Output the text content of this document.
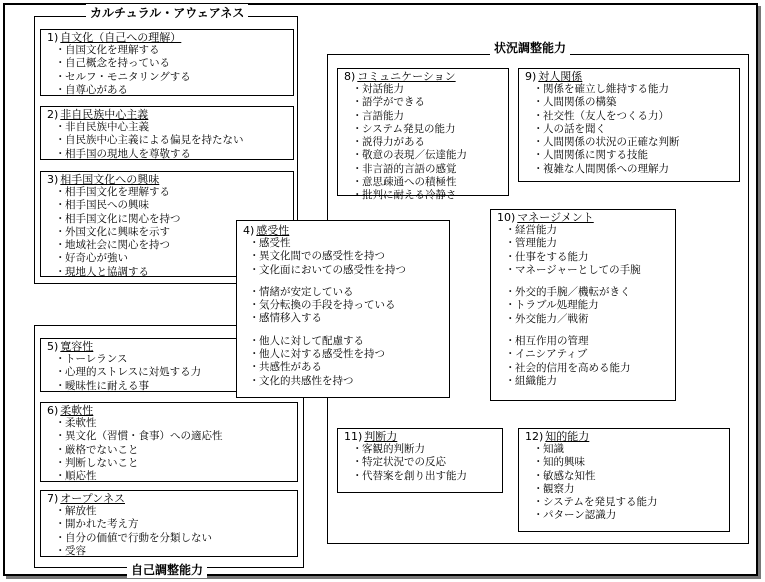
カルチュラル・アウェアネス
自己調整能力
状況調整能力
1) 自文化（自己への理解）
・自国文化を理解する
・自己概念を持っている
・セルフ・モニタリングする
・自尊心がある
2) 非自民族中心主義
・非自民族中心主義
・自民族中心主義による偏見を持たない
・相手国の現地人を尊敬する
3) 相手国文化への興味
・相手国文化を理解する
・相手国民への興味
・相手国文化に関心を持つ
・外国文化に興味を示す
・地域社会に関心を持つ
・好奇心が強い
・現地人と協調する
5) 寛容性
・トーレランス
・心理的ストレスに対処する力
・曖昧性に耐える事
6) 柔軟性
・柔軟性
・異文化（習慣・食事）への適応性
・厳格でないこと
・判断しないこと
・順応性
7) オープンネス
・解放性
・開かれた考え方
・自分の価値で行動を分類しない
・受容
4) 感受性
・感受性
・異文化間での感受性を持つ
・文化面においての感受性を持つ
・情緒が安定している
・気分転換の手段を持っている
・感情移入する
・他人に対して配慮する
・他人に対する感受性を持つ
・共感性がある
・文化的共感性を持つ
8) コミュニケーション
・対話能力
・語学ができる
・言語能力
・システム発見の能力
・説得力がある
・敬意の表現／伝達能力
・非言語的言語の感覚
・意思疎通への積極性
・批判に耐える冷静さ
9) 対人関係
・関係を確立し維持する能力
・人間関係の構築
・社交性（友人をつくる力）
・人の話を聞く
・人間関係の状況の正確な判断
・人間関係に関する技能
・複雑な人間関係への理解力
10) マネージメント
・経営能力
・管理能力
・仕事をする能力
・マネージャーとしての手腕
・外交的手腕／機転がきく
・トラブル処理能力
・外交能力／戦術
・相互作用の管理
・イニシアティブ
・社会的信用を高める能力
・組織能力
11) 判断力
・客観的判断力
・特定状況での反応
・代替案を創り出す能力
12) 知的能力
・知識
・知的興味
・敏感な知性
・観察力
・システムを発見する能力
・パターン認識力
